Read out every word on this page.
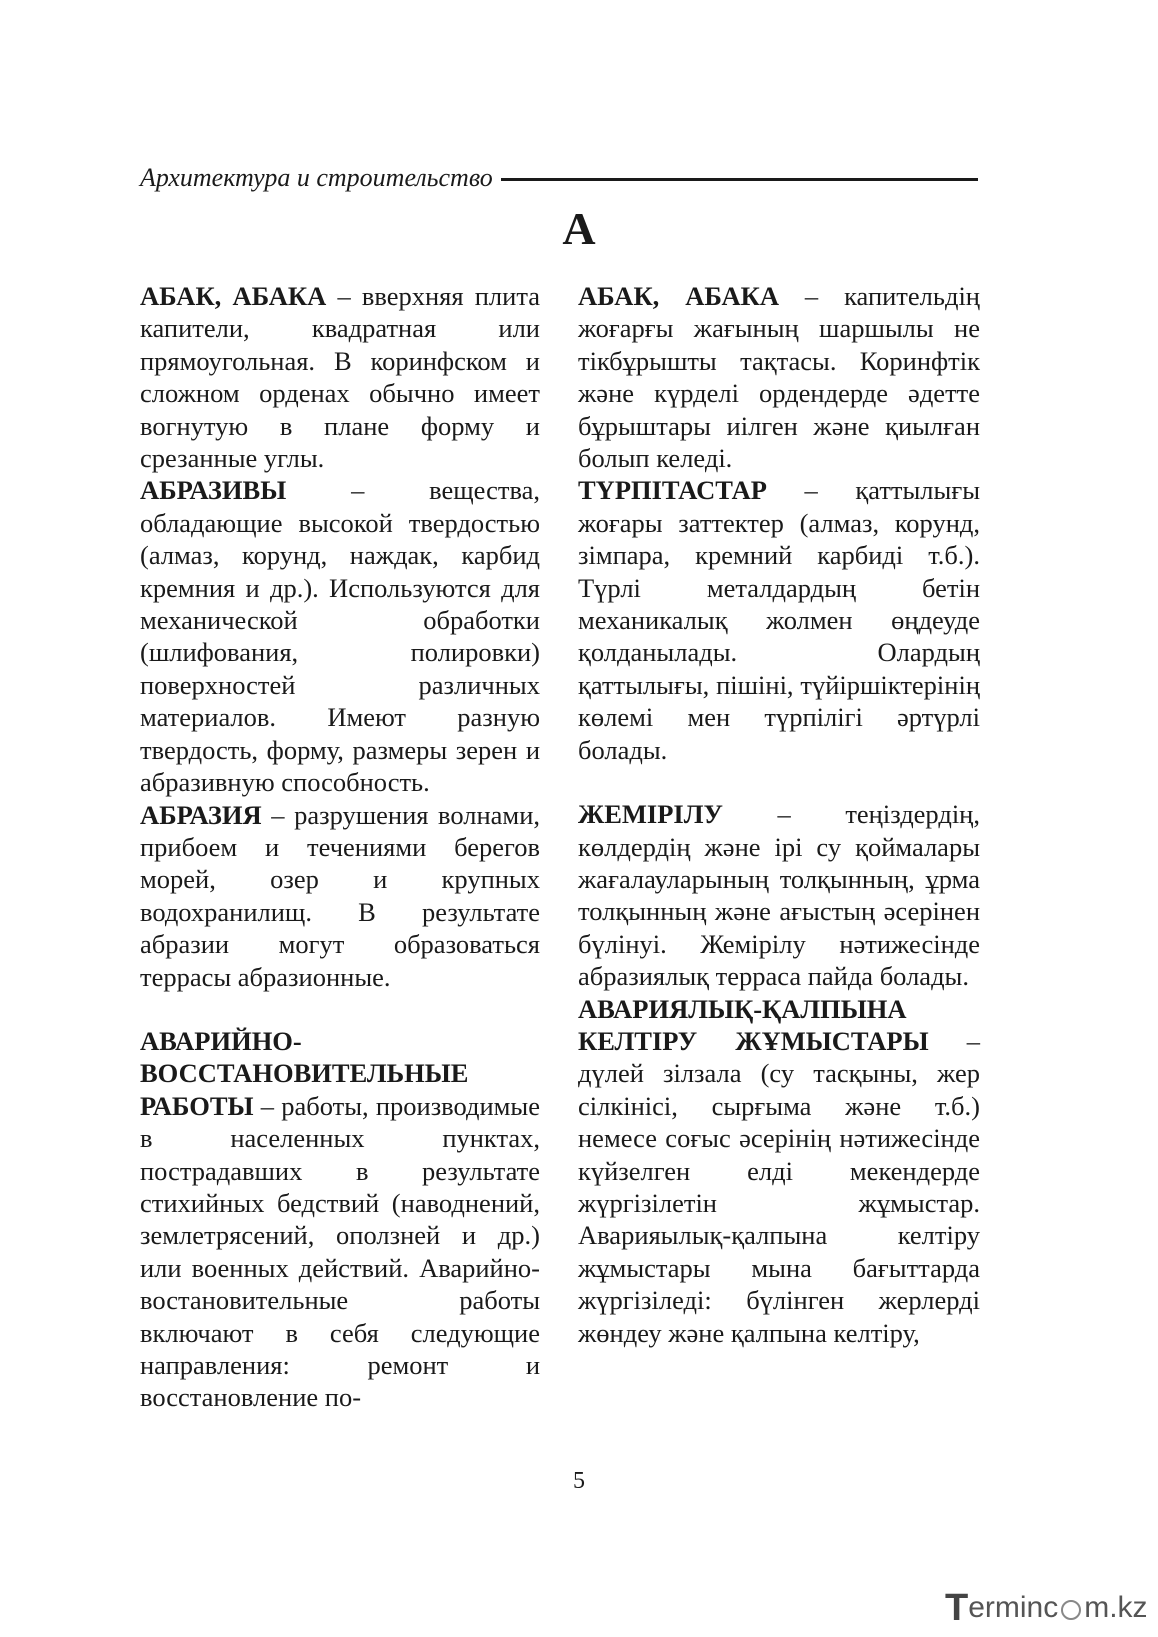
Архитектура и строительство
А

АБАК, АБАКА – вверхняя плита капители, квадратная или прямоугольная. В коринфском и сложном орденах обычно имеет вогнутую в плане форму и срезанные углы.

АБРАЗИВЫ – вещества, обладающие высокой твердостью (алмаз, корунд, наждак, карбид кремния и др.). Используются для механической обработки (шлифования, полировки) поверхностей различных материалов. Имеют разную твердость, форму, размеры зерен и абразивную способность.

АБРАЗИЯ – разрушения волнами, прибоем и течениями берегов морей, озер и крупных водохранилищ. В результате абразии могут образоваться террасы абразионные.

АВАРИЙНО-ВОССТАНОВИТЕЛЬНЫЕ РАБОТЫ – работы, производимые в населенных пунктах, пострадавших в результате стихийных бедствий (наводнений, землетрясений, оползней и др.) или военных действий. Аварийно-востановительные работы включают в себя следующие направления: ремонт и восстановление по-

АБАК, АБАКА – капительдің жоғарғы жағының шаршылы не тікбұрышты тақтасы. Коринфтік және күрделі ордендерде әдетте бұрыштары иілген және қиылған болып келеді.

ТҮРПІТАСТАР – қаттылығы жоғары заттектер (алмаз, корунд, зімпара, кремний карбиді т.б.). Түрлі металдардың бетін механикалық жолмен өңдеуде қолданылады. Олардың қаттылығы, пішіні, түйіршіктерінің көлемі мен түрпілігі әртүрлі болады.

ЖЕМІРІЛУ – теңіздердің, көлдердің және ірі су қоймалары жағалауларының толқынның, ұрма толқынның және ағыстың әсерінен бүлінуі. Жемірілу нәтижесінде абразиялық терраса пайда болады.

АВАРИЯЛЫҚ-ҚАЛПЫНА КЕЛТІРУ ЖҰМЫСТАРЫ – дүлей зілзала (су тасқыны, жер сілкінісі, сырғыма және т.б.) немесе соғыс әсерінің нәтижесінде күйзелген елді мекендерде жүргізілетін жұмыстар. Аварияылық-қалпына келтіру жұмыстары мына бағыттарда жүргізіледі: бүлінген жерлерді жөндеу және қалпына келтіру,

5
T erminc m.kz
